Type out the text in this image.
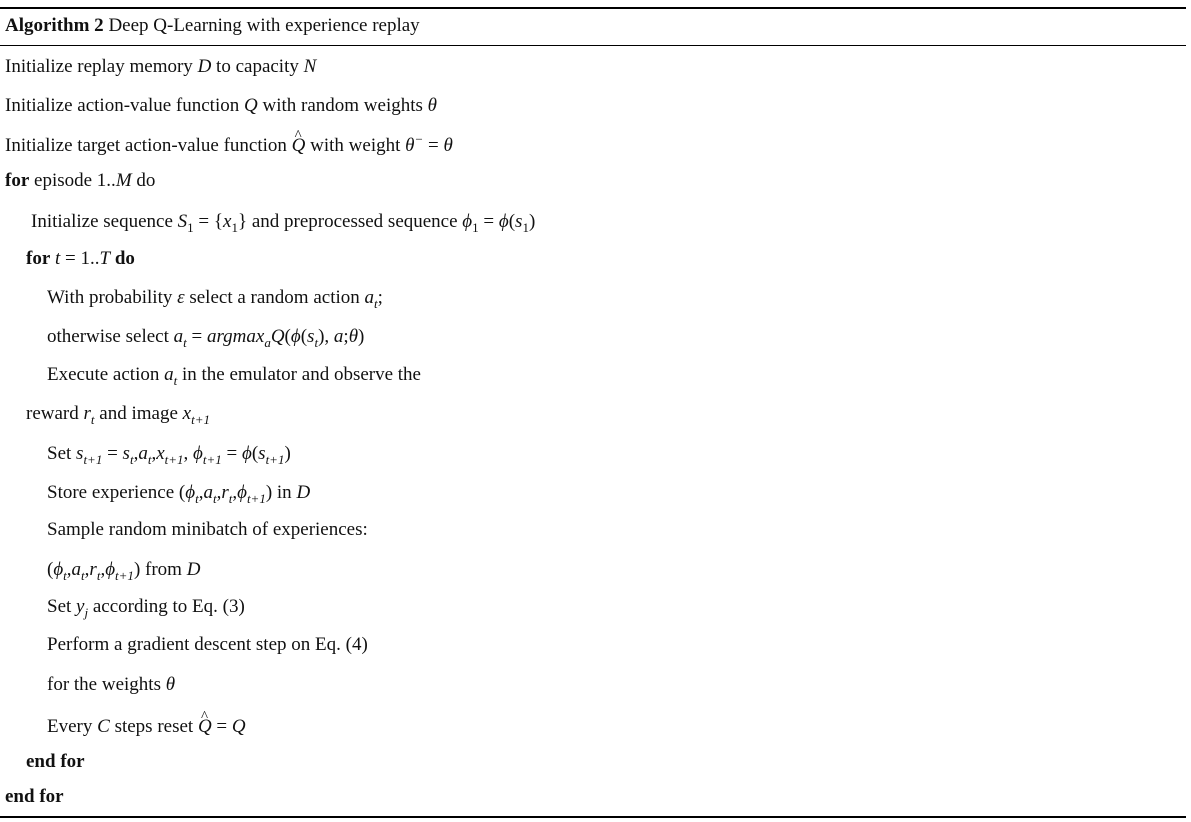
Algorithm 2 Deep Q-Learning with experience replay
Initialize replay memory D to capacity N
Initialize action-value function Q with random weights θ
Initialize target action-value function ^ Q with weight θ− = θ
for episode 1..M do
Initialize sequence $S_1 = \{x_1\}$ and preprocessed sequence $\phi_1 = \phi(s_1)$
for t = 1..T do
With probability ε select a random action $a_t$;
otherwise select $a_t = argmax_aQ(\phi(s_t)$, a;θ)
Execute action $a_t$ in the emulator and observe the
reward $r_t$ and image $x_{t+1}$
Set $s_{t+1} = s_t,a_t,x_{t+1}$, $\phi_{t+1} = \phi(s_{t+1})$
Store experience $(\phi_t,a_t,r_t,\phi_{t+1})$ in D
Sample random minibatch of experiences:
$(\phi_t,a_t,r_t,\phi_{t+1})$ from D
Set $y_j$ according to Eq. (3)
Perform a gradient descent step on Eq. (4)
for the weights θ
Every C steps reset ^ Q = Q
end for
end for
